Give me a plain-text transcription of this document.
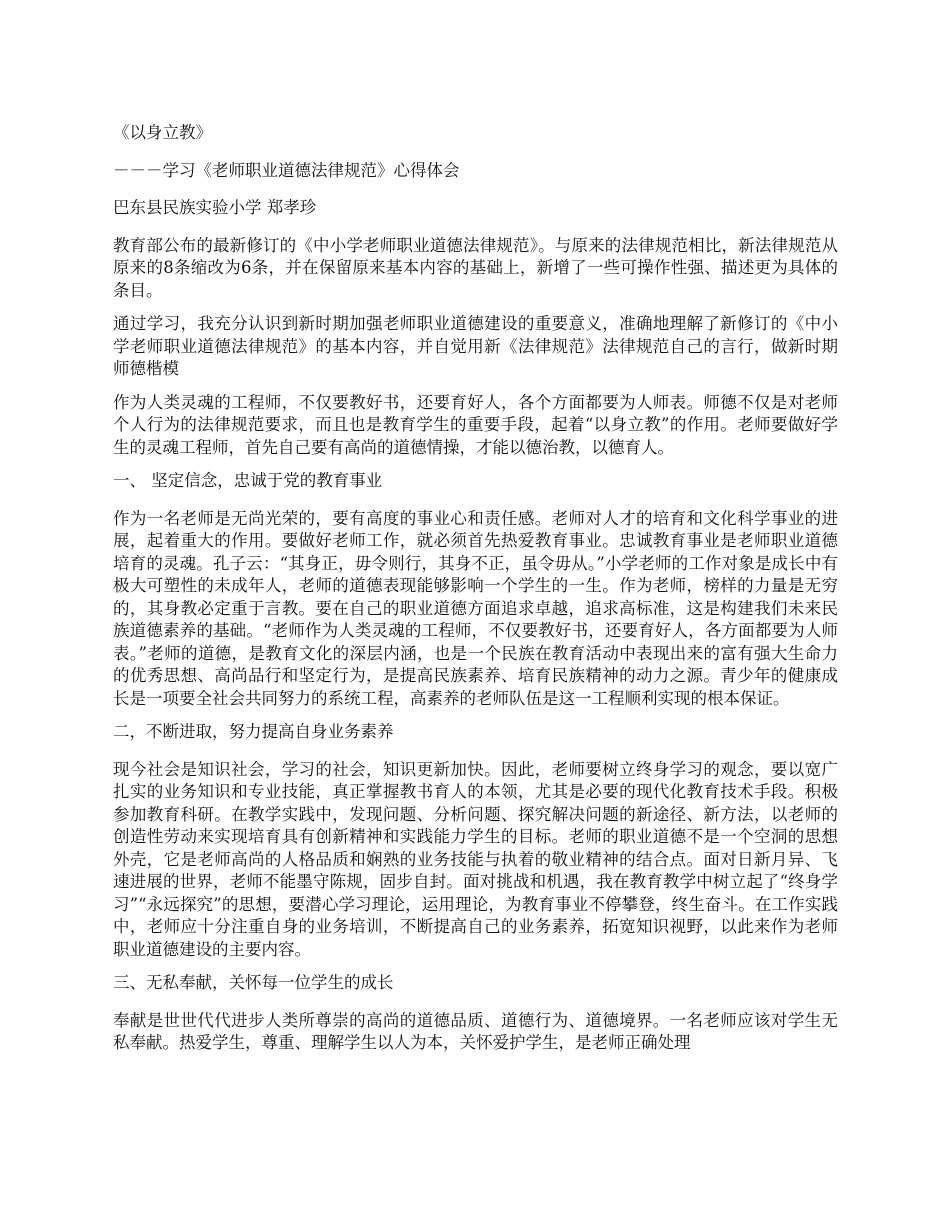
《以身立教》

－－－学习《老师职业道德法律规范》心得体会

巴东县民族实验小学 郑孝珍

教育部公布的最新修订的《中小学老师职业道德法律规范》。与原来的法律规范相比，新法律规范从原来的8条缩改为6条，并在保留原来基本内容的基础上，新增了一些可操作性强、描述更为具体的条目。

通过学习，我充分认识到新时期加强老师职业道德建设的重要意义，准确地理解了新修订的《中小学老师职业道德法律规范》的基本内容，并自觉用新《法律规范》法律规范自己的言行，做新时期师德楷模

作为人类灵魂的工程师，不仅要教好书，还要育好人，各个方面都要为人师表。师德不仅是对老师个人行为的法律规范要求，而且也是教育学生的重要手段，起着“以身立教”的作用。老师要做好学生的灵魂工程师，首先自己要有高尚的道德情操，才能以德治教，以德育人。

一、 坚定信念，忠诚于党的教育事业

作为一名老师是无尚光荣的，要有高度的事业心和责任感。老师对人才的培育和文化科学事业的进展，起着重大的作用。要做好老师工作，就必须首先热爱教育事业。忠诚教育事业是老师职业道德培育的灵魂。孔子云：“其身正，毋令则行，其身不正，虽令毋从。”小学老师的工作对象是成长中有极大可塑性的未成年人，老师的道德表现能够影响一个学生的一生。作为老师，榜样的力量是无穷的，其身教必定重于言教。要在自己的职业道德方面追求卓越，追求高标准，这是构建我们未来民族道德素养的基础。“老师作为人类灵魂的工程师，不仅要教好书，还要育好人，各方面都要为人师表。”老师的道德，是教育文化的深层内涵，也是一个民族在教育活动中表现出来的富有强大生命力的优秀思想、高尚品行和坚定行为，是提高民族素养、培育民族精神的动力之源。青少年的健康成长是一项要全社会共同努力的系统工程，高素养的老师队伍是这一工程顺利实现的根本保证。

二，不断进取，努力提高自身业务素养

现今社会是知识社会，学习的社会，知识更新加快。因此，老师要树立终身学习的观念，要以宽广扎实的业务知识和专业技能，真正掌握教书育人的本领，尤其是必要的现代化教育技术手段。积极参加教育科研。在教学实践中，发现问题、分析问题、探究解决问题的新途径、新方法，以老师的创造性劳动来实现培育具有创新精神和实践能力学生的目标。老师的职业道德不是一个空洞的思想外壳，它是老师高尚的人格品质和娴熟的业务技能与执着的敬业精神的结合点。面对日新月异、飞速进展的世界，老师不能墨守陈规，固步自封。面对挑战和机遇，我在教育教学中树立起了“终身学习”“永远探究”的思想，要潜心学习理论，运用理论，为教育事业不停攀登，终生奋斗。在工作实践中，老师应十分注重自身的业务培训，不断提高自己的业务素养，拓宽知识视野，以此来作为老师职业道德建设的主要内容。

三、无私奉献，关怀每一位学生的成长

奉献是世世代代进步人类所尊崇的高尚的道德品质、道德行为、道德境界。一名老师应该对学生无私奉献。热爱学生，尊重、理解学生以人为本，关怀爱护学生，是老师正确处理
